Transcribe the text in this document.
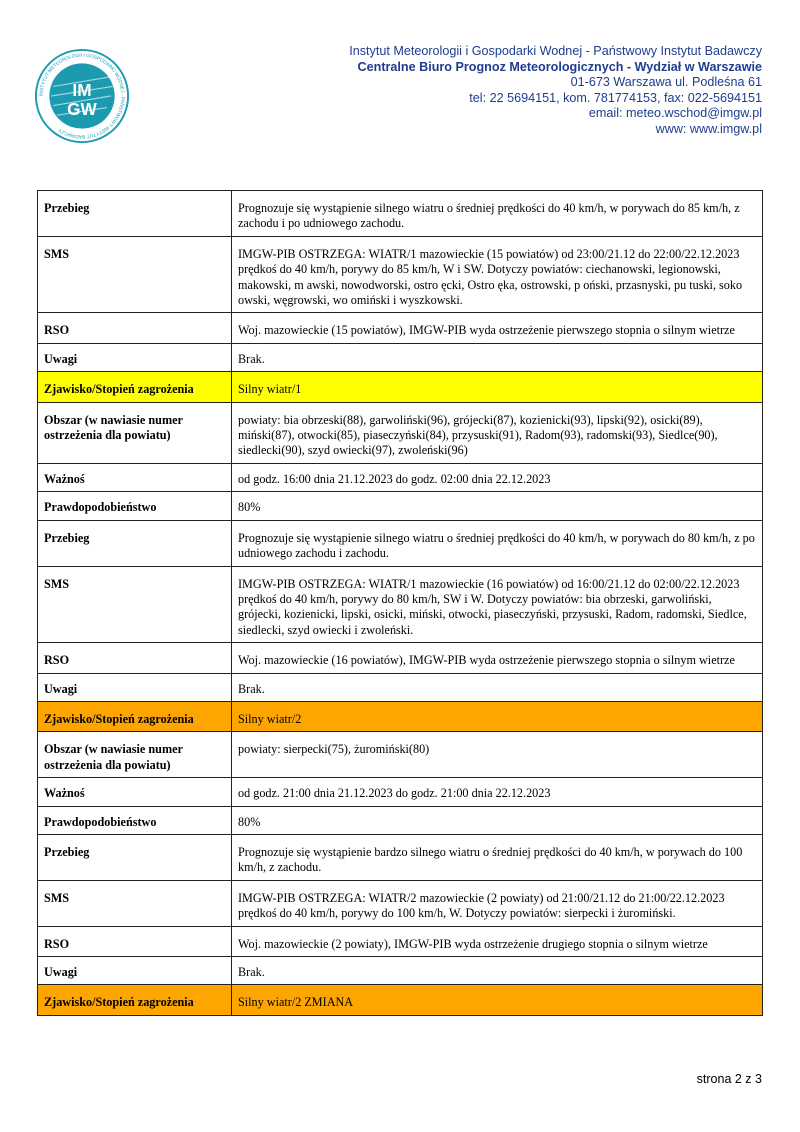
IM
GW
INSTYTUT METEOROLOGII I GOSPODARKI WODNEJ · PAŃSTWOWY INSTYTUT BADAWCZY
Instytut Meteorologii i Gospodarki Wodnej - Państwowy Instytut Badawczy
Centralne Biuro Prognoz Meteorologicznych - Wydział w Warszawie
01-673 Warszawa ul. Podleśna 61
tel: 22 5694151, kom. 781774153, fax: 022-5694151
email: meteo.wschod@imgw.pl
www: www.imgw.pl
Przebieg	Prognozuje się wystąpienie silnego wiatru o średniej prędkości do 40 km/h, w porywach do 85 km/h, z zachodu i po udniowego zachodu.
SMS	IMGW-PIB OSTRZEGA: WIATR/1 mazowieckie (15 powiatów) od 23:00/21.12 do 22:00/22.12.2023 prędkoś do 40 km/h, porywy do 85 km/h, W i SW. Dotyczy powiatów: ciechanowski, legionowski, makowski, m awski, nowodworski, ostro ęcki, Ostro ęka, ostrowski, p oński, przasnyski, pu tuski, soko owski, węgrowski, wo omiński i wyszkowski.
RSO	Woj. mazowieckie (15 powiatów), IMGW-PIB wyda ostrzeżenie pierwszego stopnia o silnym wietrze
Uwagi	Brak.
Zjawisko/Stopień zagrożenia	Silny wiatr/1
Obszar (w nawiasie numer ostrzeżenia dla powiatu)	powiaty: bia obrzeski(88), garwoliński(96), grójecki(87), kozienicki(93), lipski(92), osicki(89), miński(87), otwocki(85), piaseczyński(84), przysuski(91), Radom(93), radomski(93), Siedlce(90), siedlecki(90), szyd owiecki(97), zwoleński(96)
Ważnoś	od godz. 16:00 dnia 21.12.2023 do godz. 02:00 dnia 22.12.2023
Prawdopodobieństwo	80%
Przebieg	Prognozuje się wystąpienie silnego wiatru o średniej prędkości do 40 km/h, w porywach do 80 km/h, z po udniowego zachodu i zachodu.
SMS	IMGW-PIB OSTRZEGA: WIATR/1 mazowieckie (16 powiatów) od 16:00/21.12 do 02:00/22.12.2023 prędkoś do 40 km/h, porywy do 80 km/h, SW i W. Dotyczy powiatów: bia obrzeski, garwoliński, grójecki, kozienicki, lipski, osicki, miński, otwocki, piaseczyński, przysuski, Radom, radomski, Siedlce, siedlecki, szyd owiecki i zwoleński.
RSO	Woj. mazowieckie (16 powiatów), IMGW-PIB wyda ostrzeżenie pierwszego stopnia o silnym wietrze
Uwagi	Brak.
Zjawisko/Stopień zagrożenia	Silny wiatr/2
Obszar (w nawiasie numer ostrzeżenia dla powiatu)	powiaty: sierpecki(75), żuromiński(80)
Ważnoś	od godz. 21:00 dnia 21.12.2023 do godz. 21:00 dnia 22.12.2023
Prawdopodobieństwo	80%
Przebieg	Prognozuje się wystąpienie bardzo silnego wiatru o średniej prędkości do 40 km/h, w porywach do 100 km/h, z zachodu.
SMS	IMGW-PIB OSTRZEGA: WIATR/2 mazowieckie (2 powiaty) od 21:00/21.12 do 21:00/22.12.2023 prędkoś do 40 km/h, porywy do 100 km/h, W. Dotyczy powiatów: sierpecki i żuromiński.
RSO	Woj. mazowieckie (2 powiaty), IMGW-PIB wyda ostrzeżenie drugiego stopnia o silnym wietrze
Uwagi	Brak.
Zjawisko/Stopień zagrożenia	Silny wiatr/2 ZMIANA
strona 2 z 3
